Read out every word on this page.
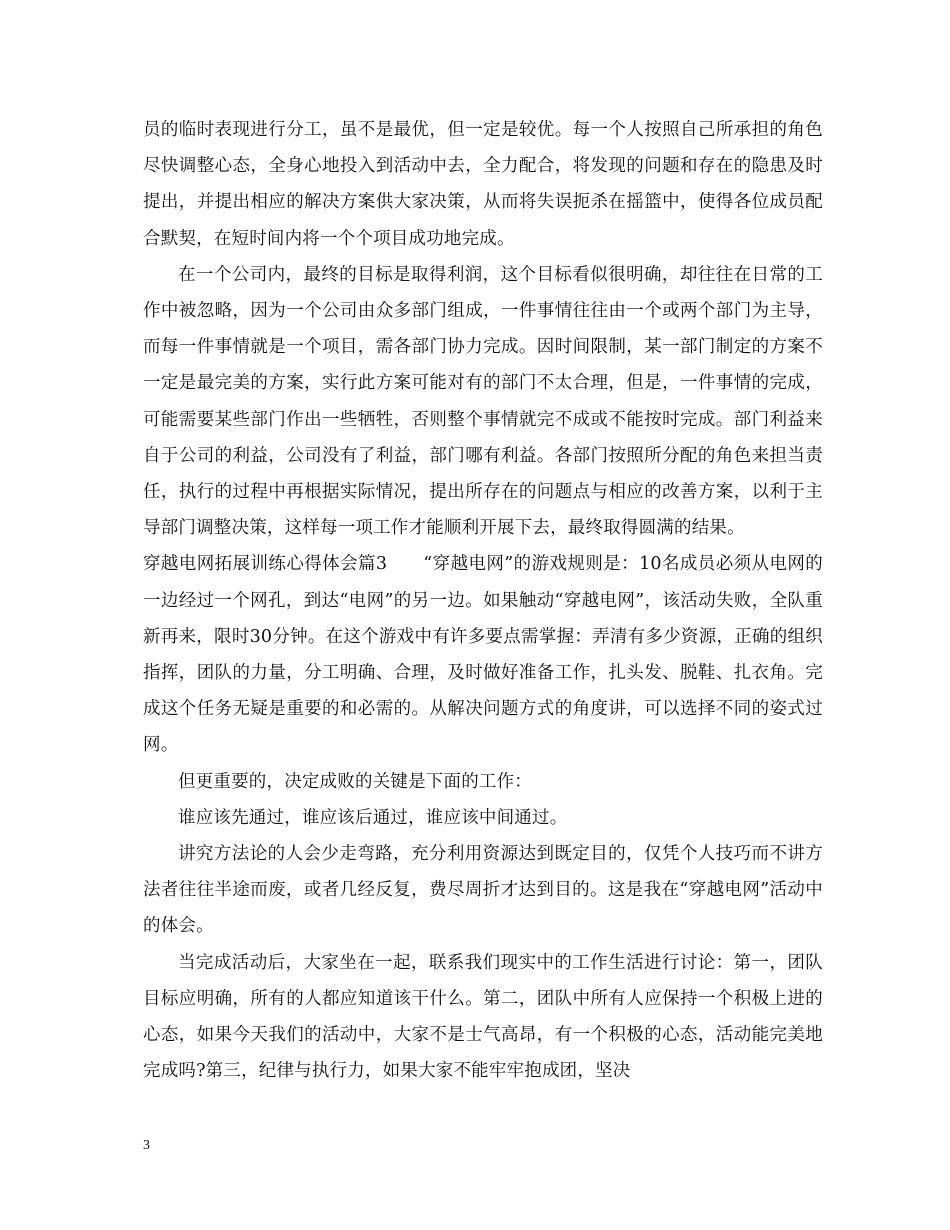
员的临时表现进行分工，虽不是最优，但一定是较优。每一个人按照自己所承担的角色尽快调整心态，全身心地投入到活动中去，全力配合，将发现的问题和存在的隐患及时提出，并提出相应的解决方案供大家决策，从而将失误扼杀在摇篮中，使得各位成员配合默契，在短时间内将一个个项目成功地完成。

在一个公司内，最终的目标是取得利润，这个目标看似很明确，却往往在日常的工作中被忽略，因为一个公司由众多部门组成，一件事情往往由一个或两个部门为主导，而每一件事情就是一个项目，需各部门协力完成。因时间限制，某一部门制定的方案不一定是最完美的方案，实行此方案可能对有的部门不太合理，但是，一件事情的完成，可能需要某些部门作出一些牺牲，否则整个事情就完不成或不能按时完成。部门利益来自于公司的利益，公司没有了利益，部门哪有利益。各部门按照所分配的角色来担当责任，执行的过程中再根据实际情况，提出所存在的问题点与相应的改善方案，以利于主导部门调整决策，这样每一项工作才能顺利开展下去，最终取得圆满的结果。

穿越电网拓展训练心得体会篇3　　“穿越电网”的游戏规则是：10名成员必须从电网的一边经过一个网孔，到达“电网”的另一边。如果触动“穿越电网”，该活动失败，全队重新再来，限时30分钟。在这个游戏中有许多要点需掌握：弄清有多少资源，正确的组织指挥，团队的力量，分工明确、合理，及时做好准备工作，扎头发、脱鞋、扎衣角。完成这个任务无疑是重要的和必需的。从解决问题方式的角度讲，可以选择不同的姿式过网。

但更重要的，决定成败的关键是下面的工作：

谁应该先通过，谁应该后通过，谁应该中间通过。

讲究方法论的人会少走弯路，充分利用资源达到既定目的，仅凭个人技巧而不讲方法者往往半途而废，或者几经反复，费尽周折才达到目的。这是我在“穿越电网”活动中的体会。

当完成活动后，大家坐在一起，联系我们现实中的工作生活进行讨论：第一，团队目标应明确，所有的人都应知道该干什么。第二，团队中所有人应保持一个积极上进的心态，如果今天我们的活动中，大家不是士气高昂，有一个积极的心态，活动能完美地完成吗?第三，纪律与执行力，如果大家不能牢牢抱成团，坚决

3
